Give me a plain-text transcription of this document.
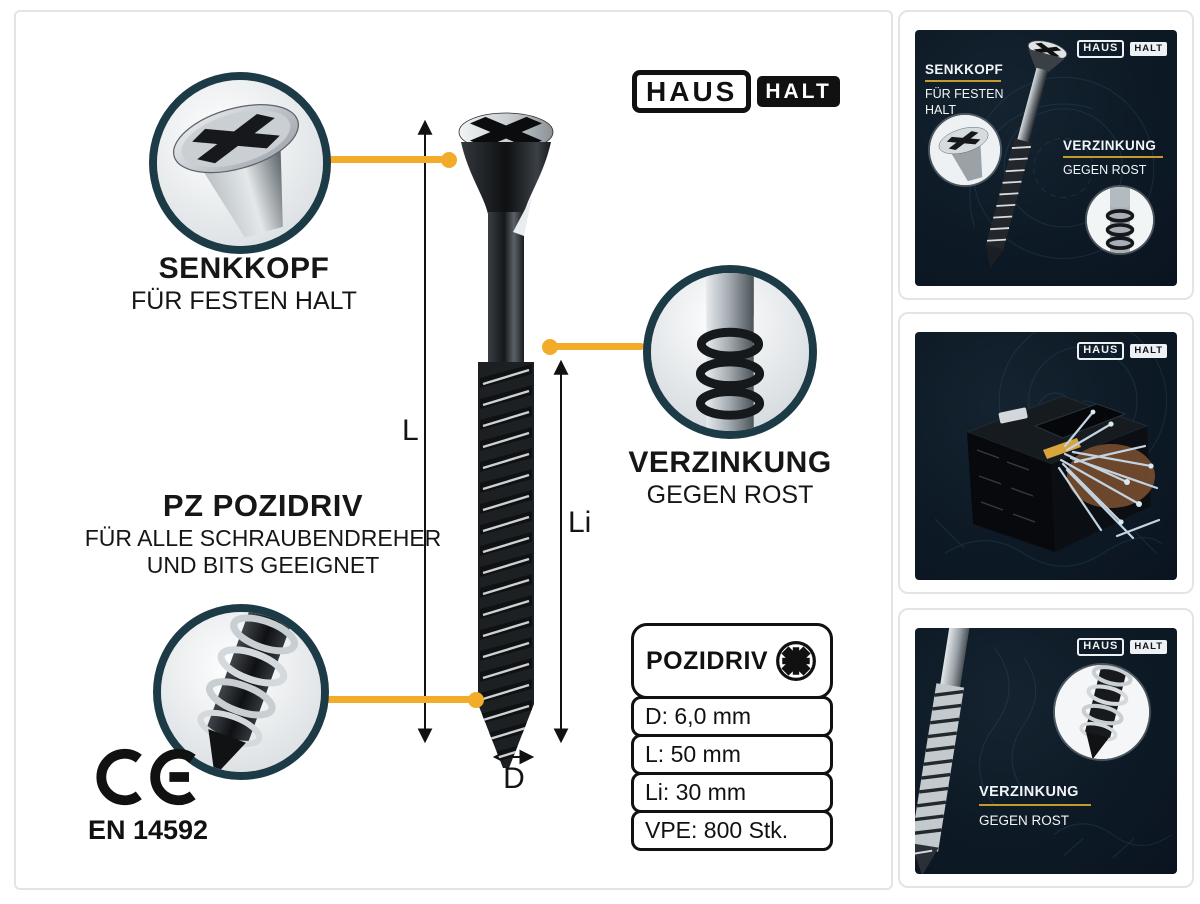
HAUS	HALT
L
Li
D
SENKKOPF
FÜR FESTEN HALT
VERZINKUNG
GEGEN ROST
PZ POZIDRIV
FÜR ALLE SCHRAUBENDREHER
UND BITS GEEIGNET
EN 14592
POZIDRIV
D: 6,0 mm
L: 50 mm
Li: 30 mm
VPE: 800 Stk.
HAUS	HALT
SENKKOPF
FÜR FESTEN
HALT
VERZINKUNG
GEGEN ROST
HAUS	HALT
VERZINKUNG
GEGEN ROST
HAUS	HALT
